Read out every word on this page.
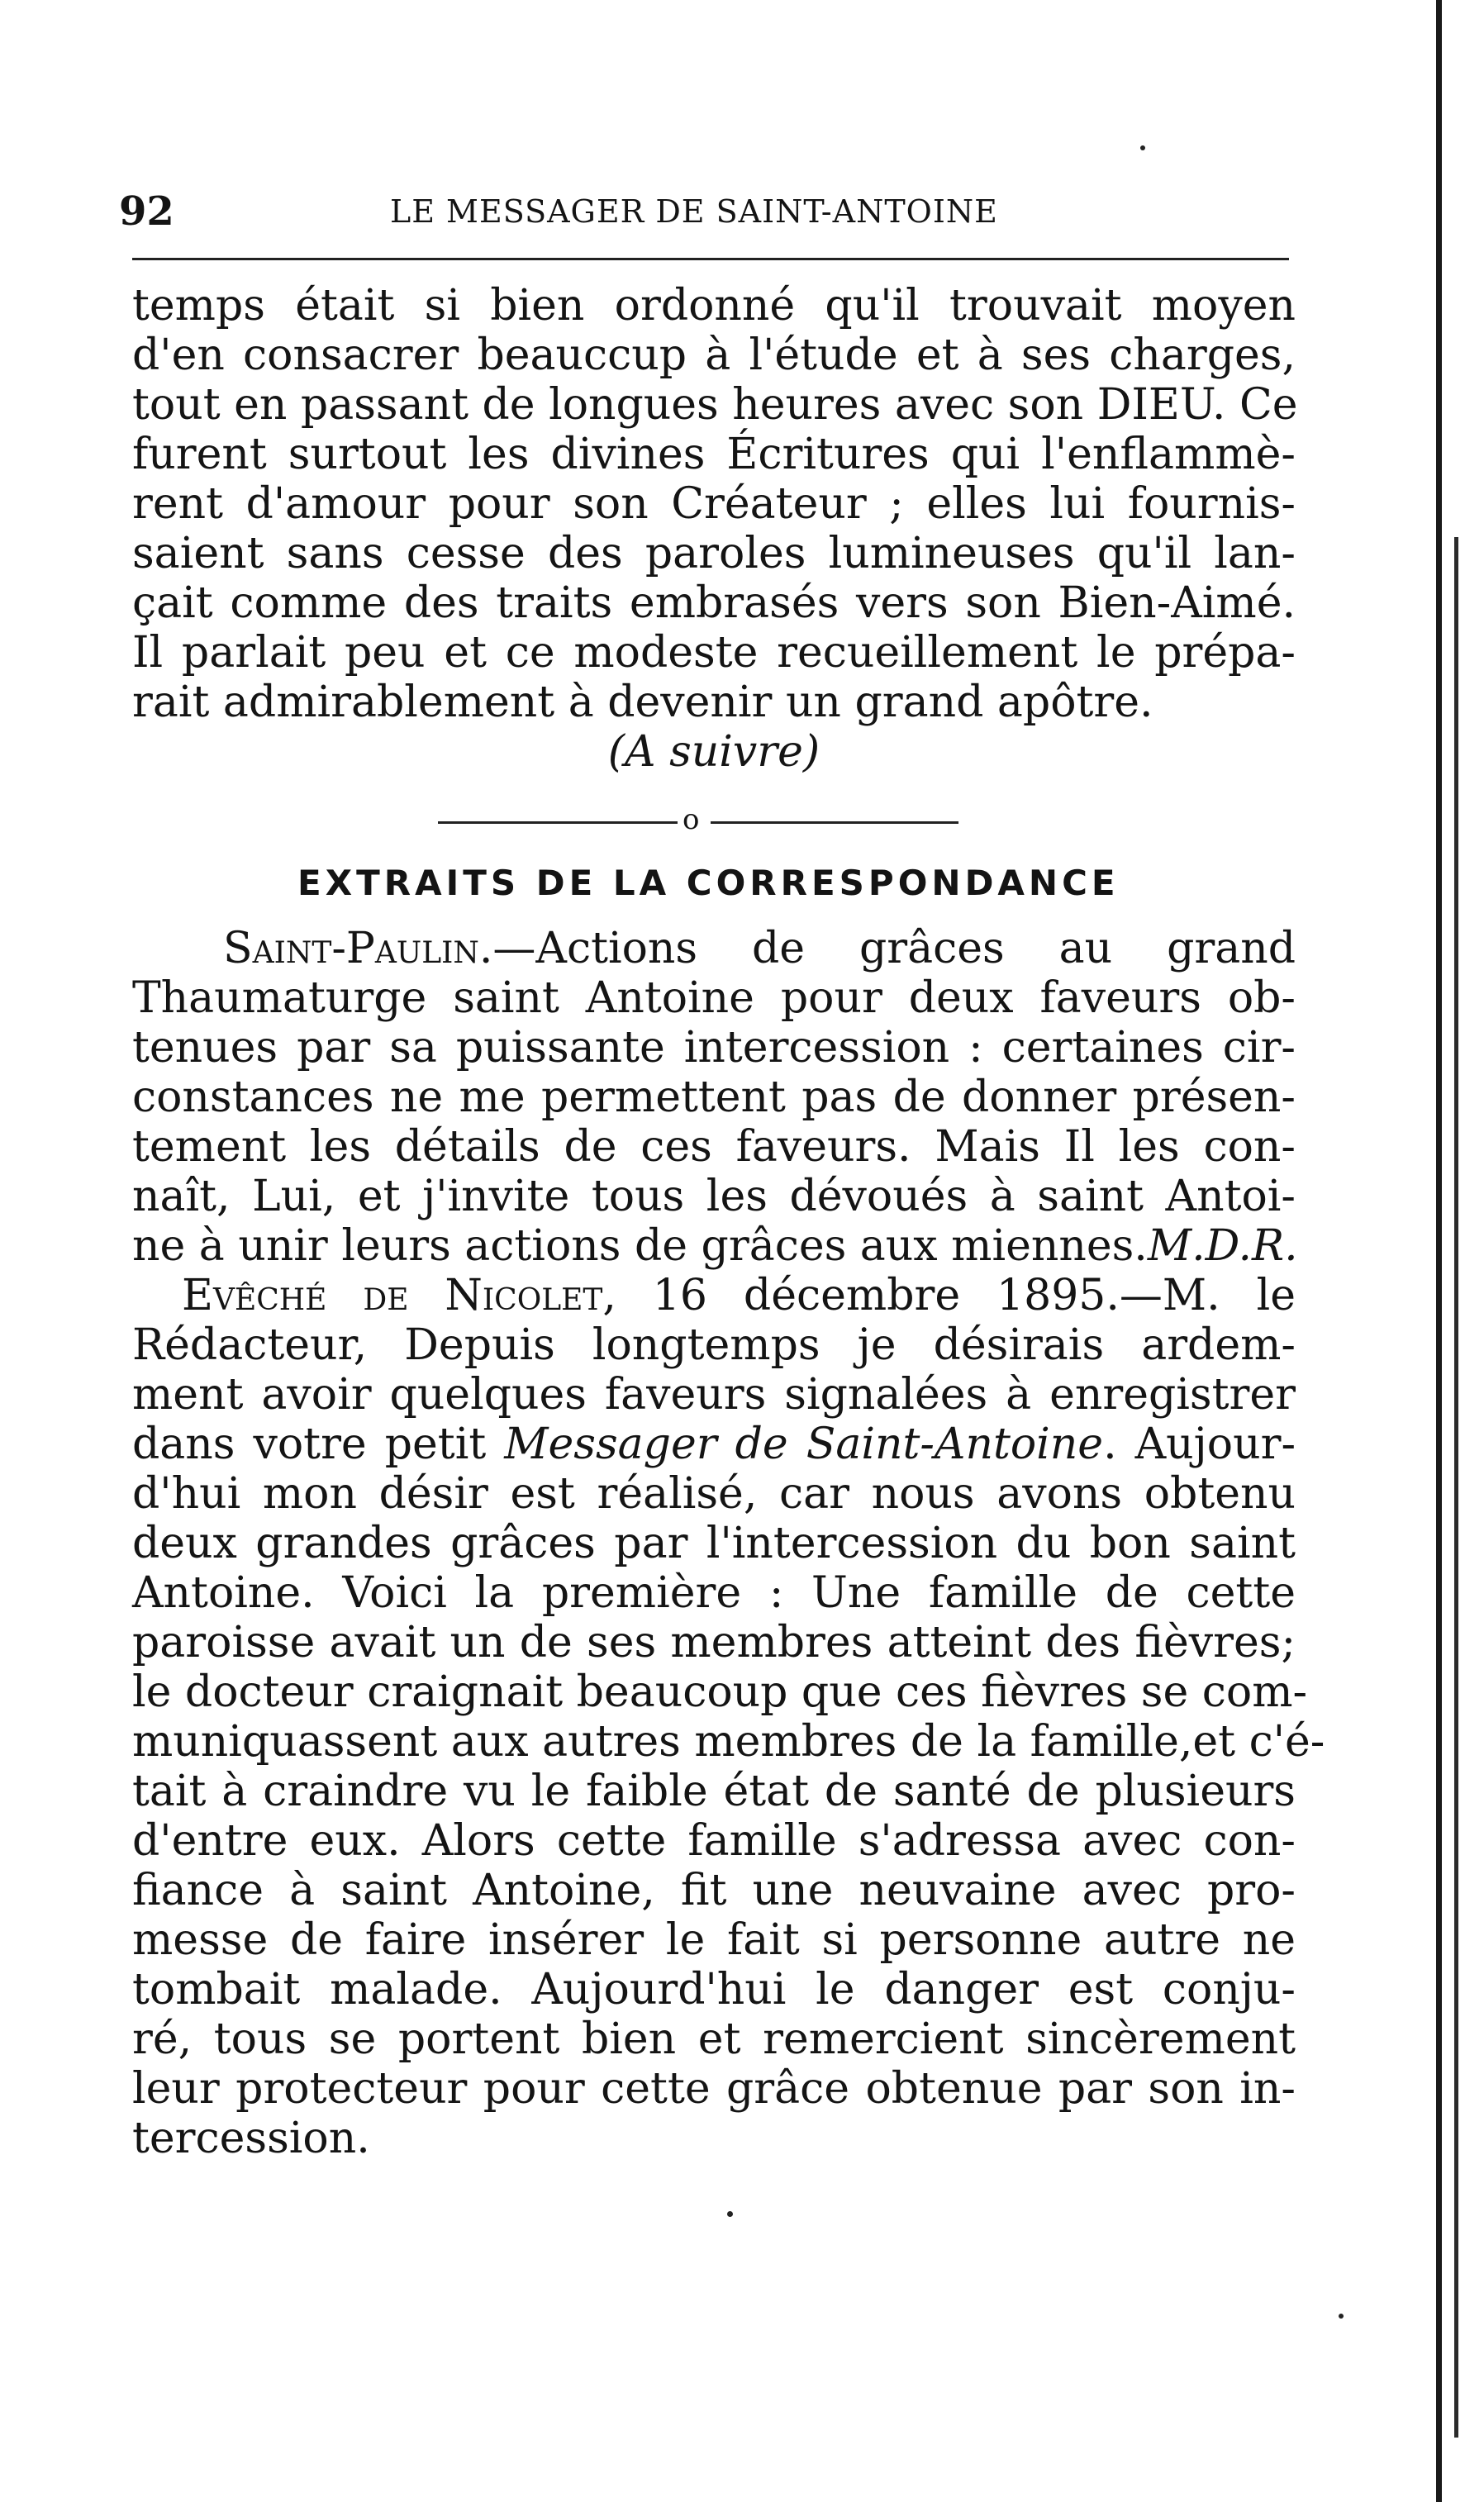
92	LE MESSAGER DE SAINT-ANTOINE
temps était si bien ordonné qu'il trouvait moyen
d'en consacrer beauccup à l'étude et à ses charges,
tout en passant de longues heures avec son DIEU. Ce
furent surtout les divines Écritures qui l'enflammè-
rent d'amour pour son Créateur ; elles lui fournis-
saient sans cesse des paroles lumineuses qu'il lan-
çait comme des traits embrasés vers son Bien-Aimé.
Il parlait peu et ce modeste recueillement le prépa-
rait admirablement à devenir un grand apôtre.
(A suivre)
o
EXTRAITS DE LA CORRESPONDANCE
Saint-Paulin.—Actions de grâces au grand
Thaumaturge saint Antoine pour deux faveurs ob-
tenues par sa puissante intercession : certaines cir-
constances ne me permettent pas de donner présen-
tement les détails de ces faveurs. Mais Il les con-
naît, Lui, et j'invite tous les dévoués à saint Antoi-
ne à unir leurs actions de grâces aux miennes.M.D.R.
Evêché de Nicolet, 16 décembre 1895.—M. le
Rédacteur, Depuis longtemps je désirais ardem-
ment avoir quelques faveurs signalées à enregistrer
dans votre petit Messager de Saint-Antoine. Aujour-
d'hui mon désir est réalisé, car nous avons obtenu
deux grandes grâces par l'intercession du bon saint
Antoine. Voici la première : Une famille de cette
paroisse avait un de ses membres atteint des fièvres;
le docteur craignait beaucoup que ces fièvres se com-
muniquassent aux autres membres de la famille,et c'é-
tait à craindre vu le faible état de santé de plusieurs
d'entre eux. Alors cette famille s'adressa avec con-
fiance à saint Antoine, fit une neuvaine avec pro-
messe de faire insérer le fait si personne autre ne
tombait malade. Aujourd'hui le danger est conju-
ré, tous se portent bien et remercient sincèrement
leur protecteur pour cette grâce obtenue par son in-
tercession.
